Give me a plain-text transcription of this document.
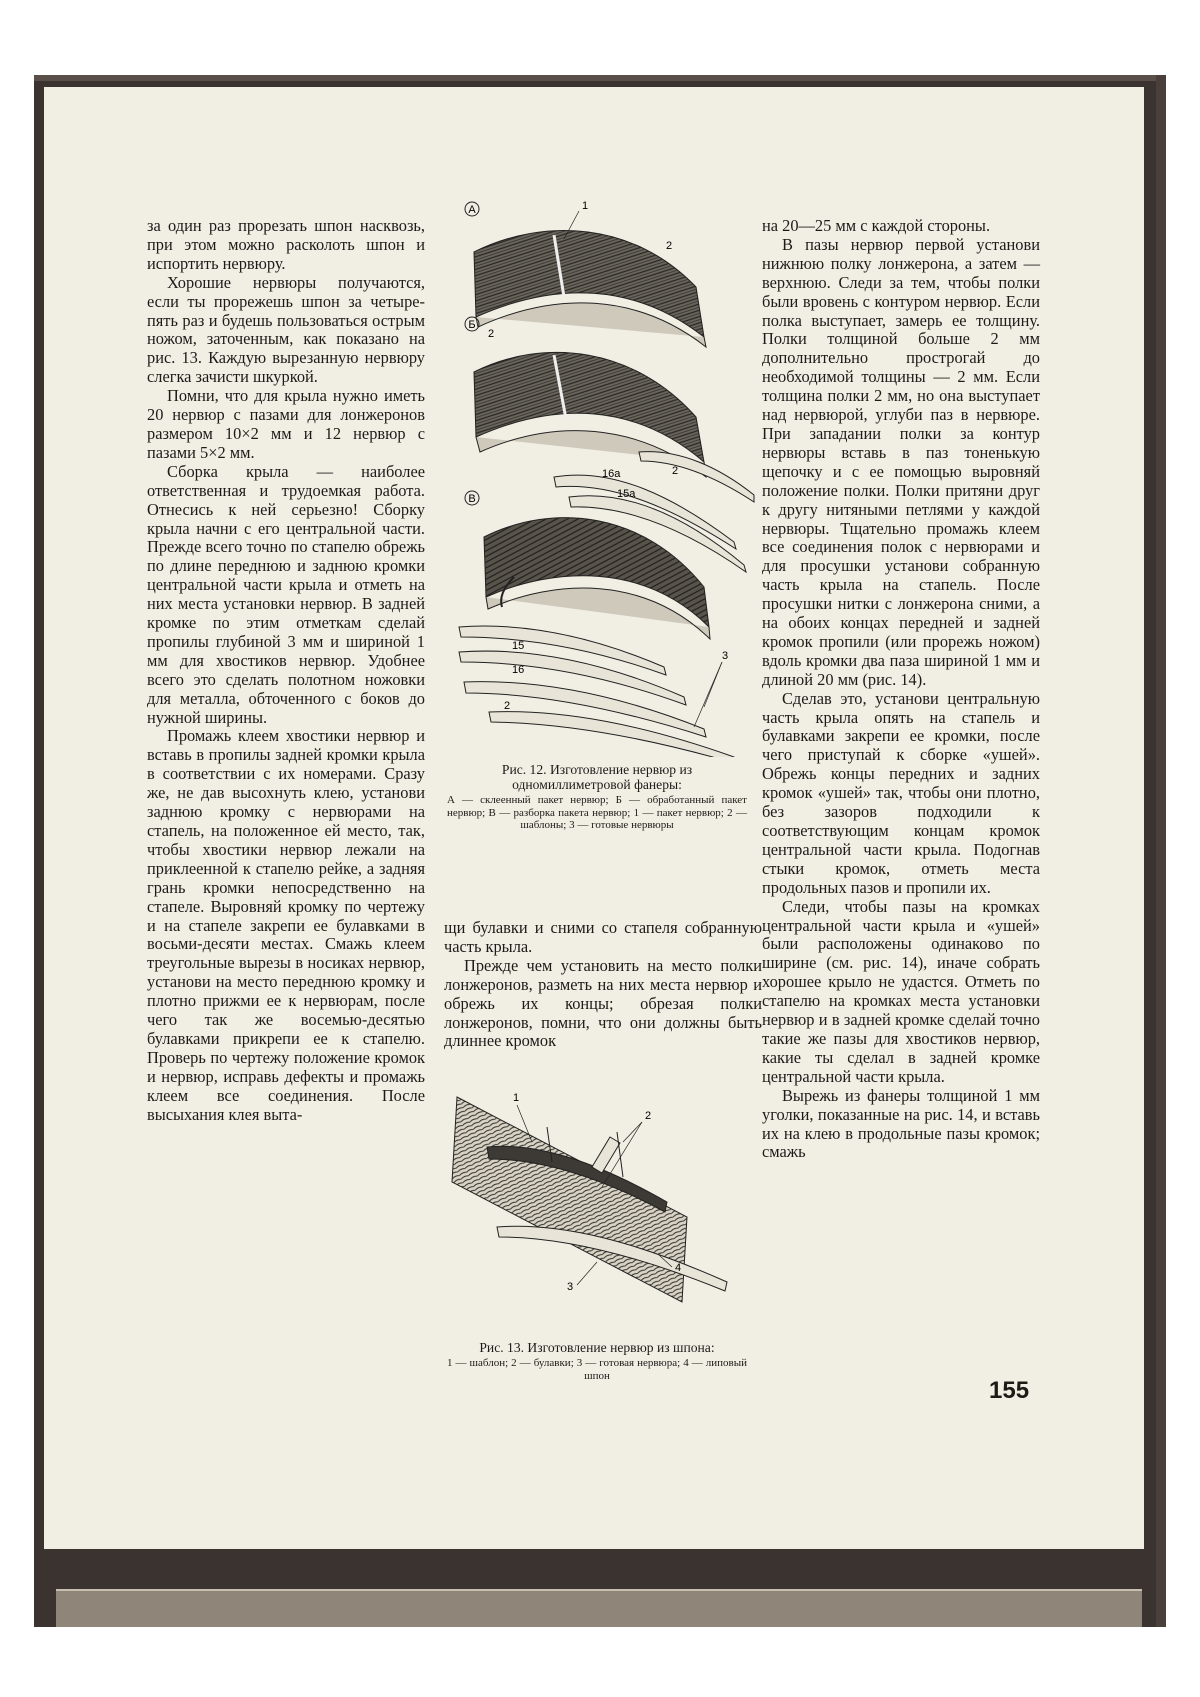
за один раз прорезать шпон насквозь, при этом можно расколоть шпон и испортить нервюру.

Хорошие нервюры получаются, если ты прорежешь шпон за четыре-пять раз и будешь пользоваться острым ножом, заточенным, как показано на рис. 13. Каждую вырезанную нервюру слегка зачисти шкуркой.

Помни, что для крыла нужно иметь 20 нервюр с пазами для лонжеронов размером 10×2 мм и 12 нервюр с пазами 5×2 мм.

Сборка крыла — наиболее ответственная и трудоемкая работа. Отнесись к ней серьезно! Сборку крыла начни с его центральной части. Прежде всего точно по стапелю обрежь по длине переднюю и заднюю кромки центральной части крыла и отметь на них места установки нервюр. В задней кромке по этим отметкам сделай пропилы глубиной 3 мм и шириной 1 мм для хвостиков нервюр. Удобнее всего это сделать полотном ножовки для металла, обточенного с боков до нужной ширины.

Промажь клеем хвостики нервюр и вставь в пропилы задней кромки крыла в соответствии с их номерами. Сразу же, не дав высохнуть клею, установи заднюю кромку с нервюрами на стапель, на положенное ей место, так, чтобы хвостики нервюр лежали на приклеенной к стапелю рейке, а задняя грань кромки непосредственно на стапеле. Выровняй кромку по чертежу и на стапеле закрепи ее булавками в восьми-десяти местах. Смажь клеем треугольные вырезы в носиках нервюр, установи на место переднюю кромку и плотно прижми ее к нервюрам, после чего так же восемью-десятью булавками прикрепи ее к стапелю. Проверь по чертежу положение кромок и нервюр, исправь дефекты и промажь клеем все соединения. После высыхания клея выта-

А	1
2
2
Б
В
2
15а
16а
15
16
3
2
Рис. 12. Изготовление нервюр из одномиллиметровой фанеры:
А — склеенный пакет нервюр; Б — обработанный пакет нервюр; В — разборка пакета нервюр; 1 — пакет нервюр; 2 — шаблоны; 3 — готовые нервюры

щи булавки и сними со стапеля собранную часть крыла.

Прежде чем установить на место полки лонжеронов, разметь на них места нервюр и обрежь их концы; обрезая полки лонжеронов, помни, что они должны быть длиннее кромок

1
2
3
4
Рис. 13. Изготовление нервюр из шпона:
1 — шаблон; 2 — булавки; 3 — готовая нервюра; 4 — липовый шпон

на 20—25 мм с каждой стороны.

В пазы нервюр первой установи нижнюю полку лонжерона, а затем — верхнюю. Следи за тем, чтобы полки были вровень с контуром нервюр. Если полка выступает, замерь ее толщину. Полки толщиной больше 2 мм дополнительно прострогай до необходимой толщины — 2 мм. Если толщина полки 2 мм, но она выступает над нервюрой, углуби паз в нервюре. При западании полки за контур нервюры вставь в паз тоненькую щепочку и с ее помощью выровняй положение полки. Полки притяни друг к другу нитяными петлями у каждой нервюры. Тщательно промажь клеем все соединения полок с нервюрами и для просушки установи собранную часть крыла на стапель. После просушки нитки с лонжерона сними, а на обоих концах передней и задней кромок пропили (или прорежь ножом) вдоль кромки два паза шириной 1 мм и длиной 20 мм (рис. 14).

Сделав это, установи центральную часть крыла опять на стапель и булавками закрепи ее кромки, после чего приступай к сборке «ушей». Обрежь концы передних и задних кромок «ушей» так, чтобы они плотно, без зазоров подходили к соответствующим концам кромок центральной части крыла. Подогнав стыки кромок, отметь места продольных пазов и пропили их.

Следи, чтобы пазы на кромках центральной части крыла и «ушей» были расположены одинаково по ширине (см. рис. 14), иначе собрать хорошее крыло не удастся. Отметь по стапелю на кромках места установки нервюр и в задней кромке сделай точно такие же пазы для хвостиков нервюр, какие ты сделал в задней кромке центральной части крыла.

Вырежь из фанеры толщиной 1 мм уголки, показанные на рис. 14, и вставь их на клею в продольные пазы кромок; смажь

155
